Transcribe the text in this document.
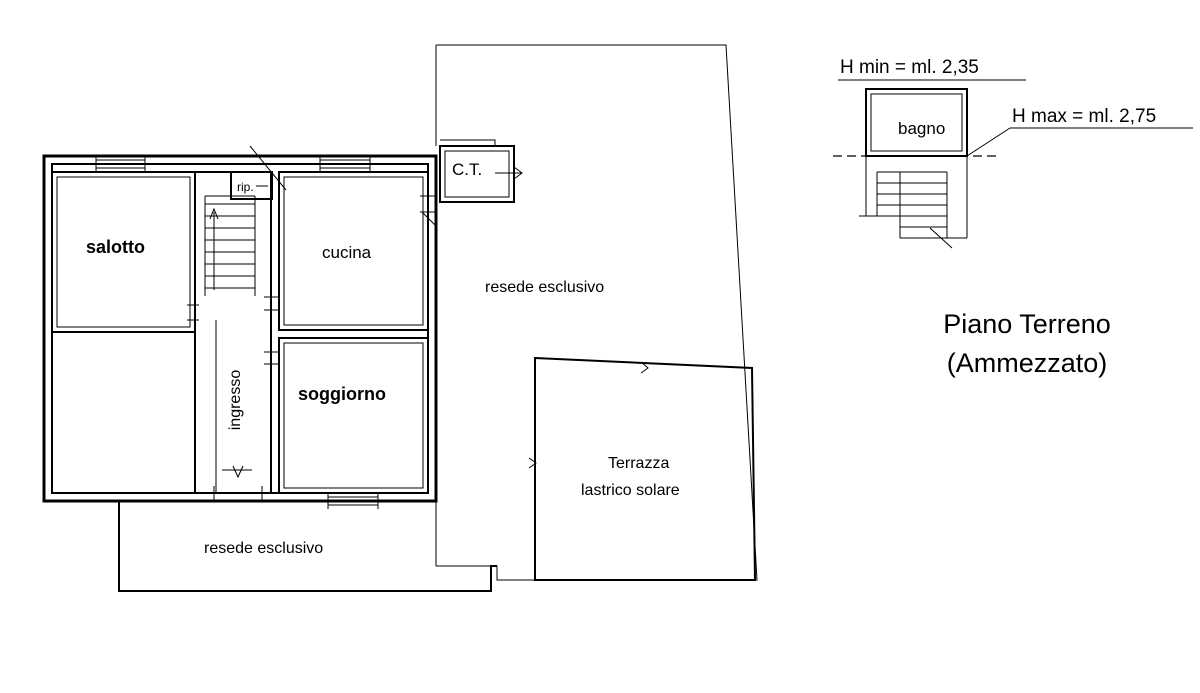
salotto
ingresso
rip.
cucina
soggiorno
C.T.
resede esclusivo
resede esclusivo
Terrazza
lastrico solare
bagno
H min = ml. 2,35
H max = ml. 2,75
Piano Terreno
(Ammezzato)
